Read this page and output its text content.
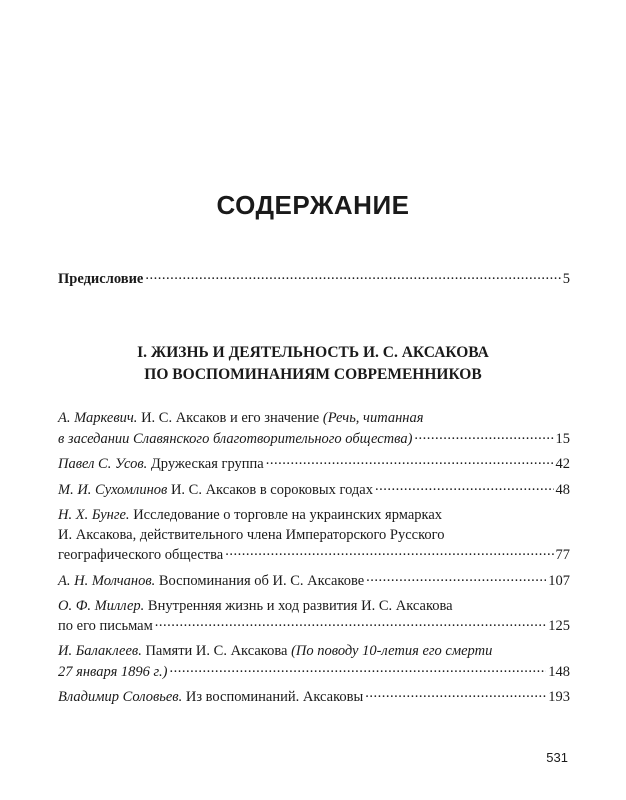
СОДЕРЖАНИЕ
Предисловие .....	5
I. ЖИЗНЬ И ДЕЯТЕЛЬНОСТЬ И. С. АКСАКОВА
ПО ВОСПОМИНАНИЯМ СОВРЕМЕННИКОВ
А. Маркевич. И. С. Аксаков и его значение (Речь, читанная
в заседании Славянского благотворительного общества) .....	15
Павел С. Усов. Дружеская группа .....	42
М. И. Сухомлинов И. С. Аксаков в сороковых годах .....	48
Н. Х. Бунге. Исследование о торговле на украинских ярмарках
И. Аксакова, действительного члена Императорского Русского
географического общества .....	77
А. Н. Молчанов. Воспоминания об И. С. Аксакове .....	107
О. Ф. Миллер. Внутренняя жизнь и ход развития И. С. Аксакова
по его письмам .....	125
И. Балаклеев. Памяти И. С. Аксакова (По поводу 10-летия его смерти
27 января 1896 г.) .....	148
Владимир Соловьев. Из воспоминаний. Аксаковы .....	193
531
